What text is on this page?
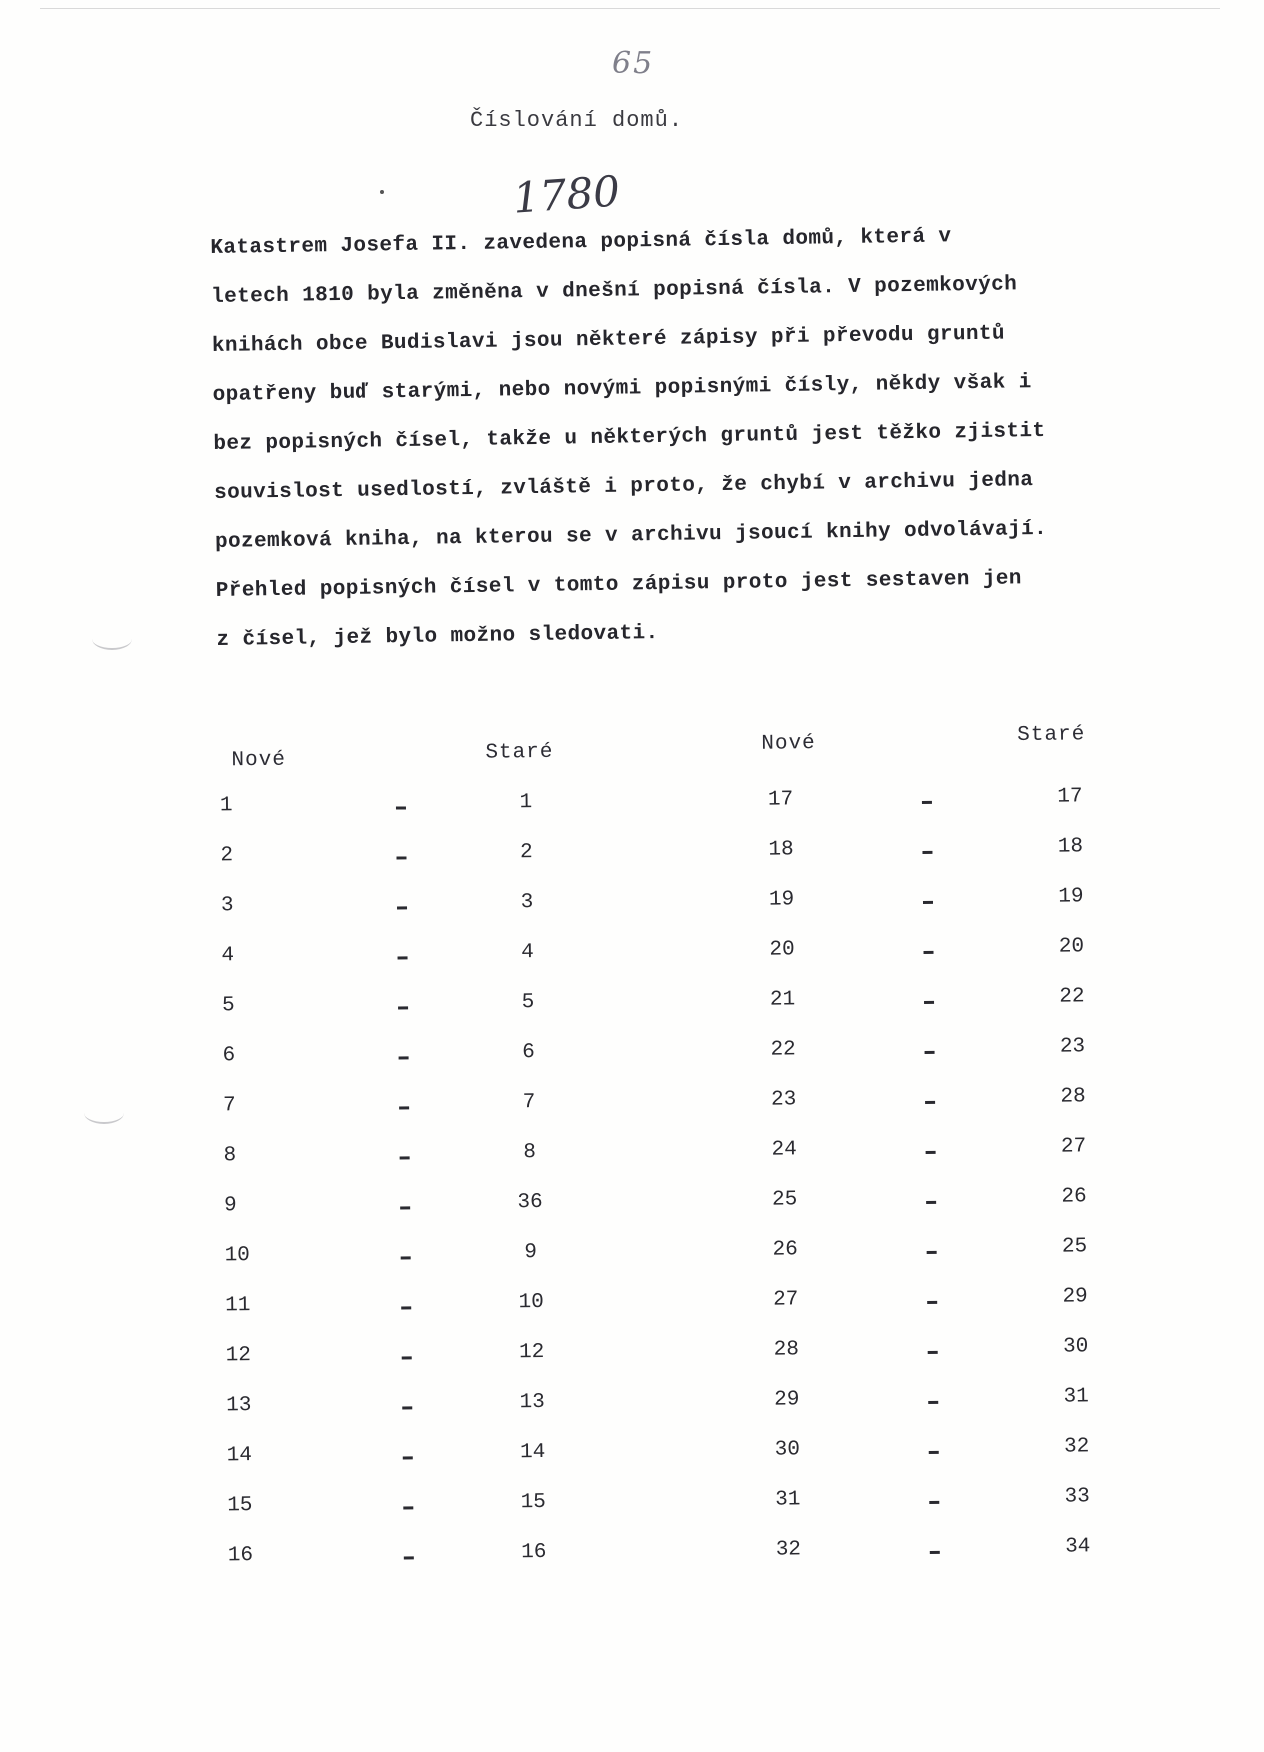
65
Číslování domů.
1780
Katastrem Josefa II. zavedena popisná čísla domů, která v
letech 1810 byla změněna v dnešní popisná čísla. V pozemkových
knihách obce Budislavi jsou některé zápisy při převodu gruntů
opatřeny buď starými, nebo novými popisnými čísly, někdy však i
bez popisných čísel, takže u některých gruntů jest těžko zjistit
souvislost usedlostí, zvláště i proto, že chybí v archivu jedna
pozemková kniha, na kterou se v archivu jsoucí knihy odvolávají.
Přehled popisných čísel v tomto zápisu proto jest sestaven jen
z čísel, jež bylo možno sledovati.
Nové	Staré	Nové	Staré
1	1
2	2
3	3
4	4
5	5
6	6
7	7
8	8
9	36
10	9
11	10
12	12
13	13
14	14
15	15
16	16
17	17
18	18
19	19
20	20
21	22
22	23
23	28
24	27
25	26
26	25
27	29
28	30
29	31
30	32
31	33
32	34
